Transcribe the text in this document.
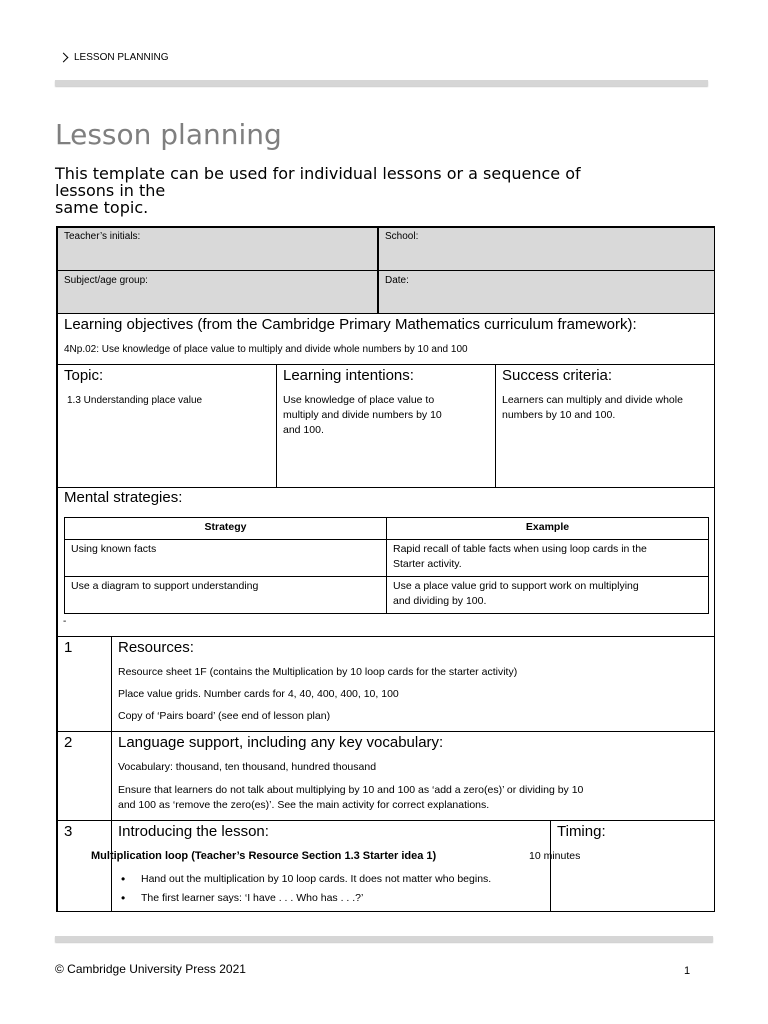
LESSON PLANNING
Lesson planning
This template can be used for individual lessons or a sequence of
lessons in the
same topic.
Teacher’s initials:	School:
Subject/age group:	Date:
Learning objectives (from the Cambridge Primary Mathematics curriculum framework):
4Np.02: Use knowledge of place value to multiply and divide whole numbers by 10 and 100
Topic:
1.3 Understanding place value
Learning intentions:
Use knowledge of place value to
multiply and divide numbers by 10
and 100.
Success criteria:
Learners can multiply and divide whole
numbers by 10 and 100.
Mental strategies:
Strategy	Example
Using known facts	Rapid recall of table facts when using loop cards in the
Starter activity.

Use a diagram to support understanding	Use a place value grid to support work on multiplying
and dividing by 100.
-
1	Resources:
Resource sheet 1F (contains the Multiplication by 10 loop cards for the starter activity)
Place value grids. Number cards for 4, 40, 400, 400, 10, 100
Copy of ‘Pairs board’ (see end of lesson plan)
2	Language support, including any key vocabulary:
Vocabulary: thousand, ten thousand, hundred thousand
Ensure that learners do not talk about multiplying by 10 and 100 as ‘add a zero(es)’ or dividing by 10
and 100 as ‘remove the zero(es)’. See the main activity for correct explanations.
3	Introducing the lesson:	Timing:
Multiplication loop (Teacher’s Resource Section 1.3 Starter idea 1)	10 minutes
• Hand out the multiplication by 10 loop cards. It does not matter who begins.
• The first learner says: ‘I have . . . Who has . . .?’
© Cambridge University Press 2021	1
